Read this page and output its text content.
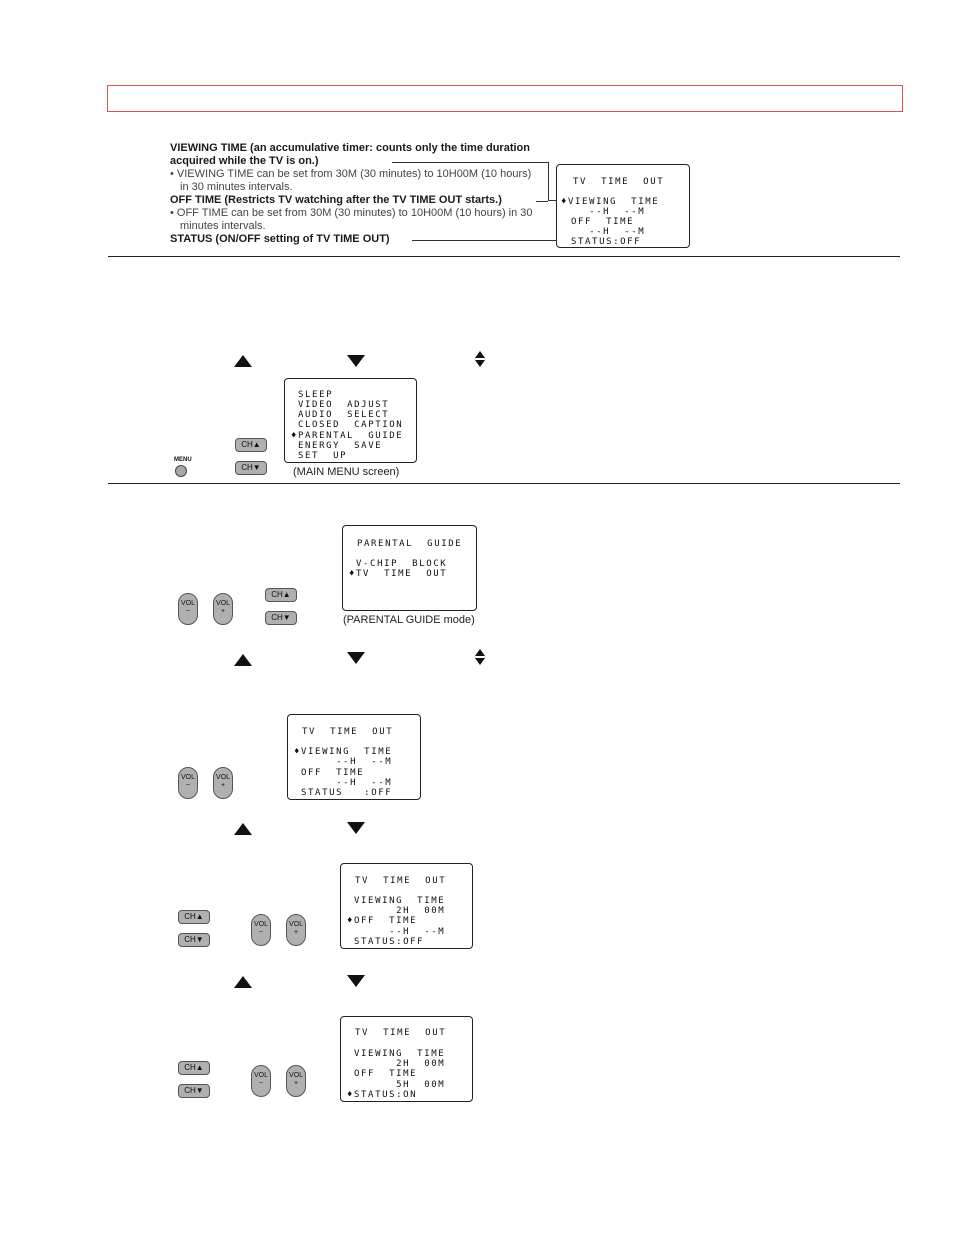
VIEWING TIME (an accumulative timer: counts only the time duration acquired while the TV is on.)
• VIEWING TIME can be set from 30M (30 minutes) to 10H00M (10 hours) in 30 minutes intervals.
OFF TIME (Restricts TV watching after the TV TIME OUT starts.)
• OFF TIME can be set from 30M (30 minutes) to 10H00M (10 hours) in 30 minutes intervals.
STATUS (ON/OFF setting of TV TIME OUT)
TV  TIME  OUT
♦VIEWING  TIME
--H  --M
OFF  TIME
--H  --M
STATUS:OFF
MENU
CH▲
CH▼
SLEEP
VIDEO  ADJUST
AUDIO  SELECT
CLOSED  CAPTION
♦PARENTAL  GUIDE
ENERGY  SAVE
SET  UP
(MAIN MENU screen)
VOL
−
VOL
+
CH▲
CH▼
PARENTAL  GUIDE
V-CHIP  BLOCK
♦TV  TIME  OUT
(PARENTAL GUIDE mode)
VOL
−
VOL
+
TV  TIME  OUT
♦VIEWING  TIME
--H  --M
OFF  TIME
--H  --M
STATUS   :OFF
CH▲
CH▼
VOL
−
VOL
+
TV  TIME  OUT
VIEWING  TIME
2H  00M
♦OFF  TIME
--H  --M
STATUS:OFF
CH▲
CH▼
VOL
−
VOL
+
TV  TIME  OUT
VIEWING  TIME
2H  00M
OFF  TIME
5H  00M
♦STATUS:ON
